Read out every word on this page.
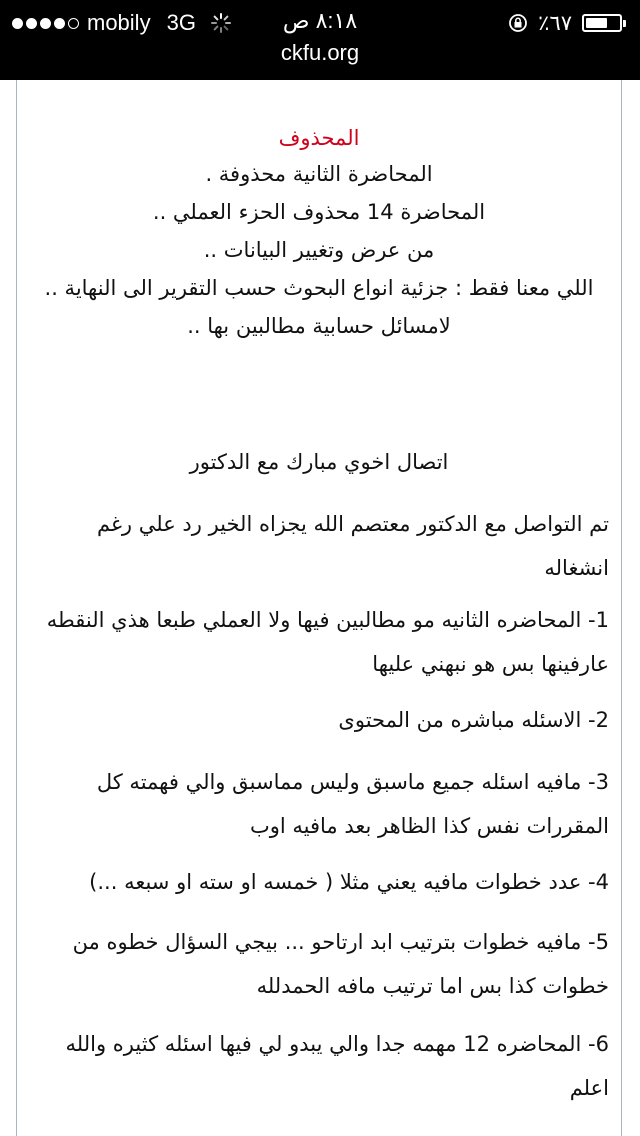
mobily 3G	٨:١٨ ص	٪٦٧
ckfu.org
المحذوف
المحاضرة الثانية محذوفة .
المحاضرة 14 محذوف الحزء العملي ..
من عرض وتغيير البيانات ..
اللي معنا فقط : جزئية انواع البحوث حسب التقرير الى النهاية ..
لامسائل حسابية مطالبين بها ..
اتصال اخوي مبارك مع الدكتور
تم التواصل مع الدكتور معتصم الله يجزاه الخير رد علي رغم انشغاله
1- المحاضره الثانيه مو مطالبين فيها ولا العملي طبعا هذي النقطه عارفينها بس هو نبهني عليها
2- الاسئله مباشره من المحتوى
3- مافيه اسئله جميع ماسبق وليس مماسبق والي فهمته كل المقررات نفس كذا الظاهر بعد مافيه اوب
4- عدد خطوات مافيه يعني مثلا ( خمسه او سته او سبعه ...)
5- مافيه خطوات بترتيب ابد ارتاحو ... بيجي السؤال خطوه من خطوات كذا بس اما ترتيب مافه الحمدلله
6- المحاضره 12 مهمه جدا والي يبدو لي فيها اسئله كثيره والله اعلم
